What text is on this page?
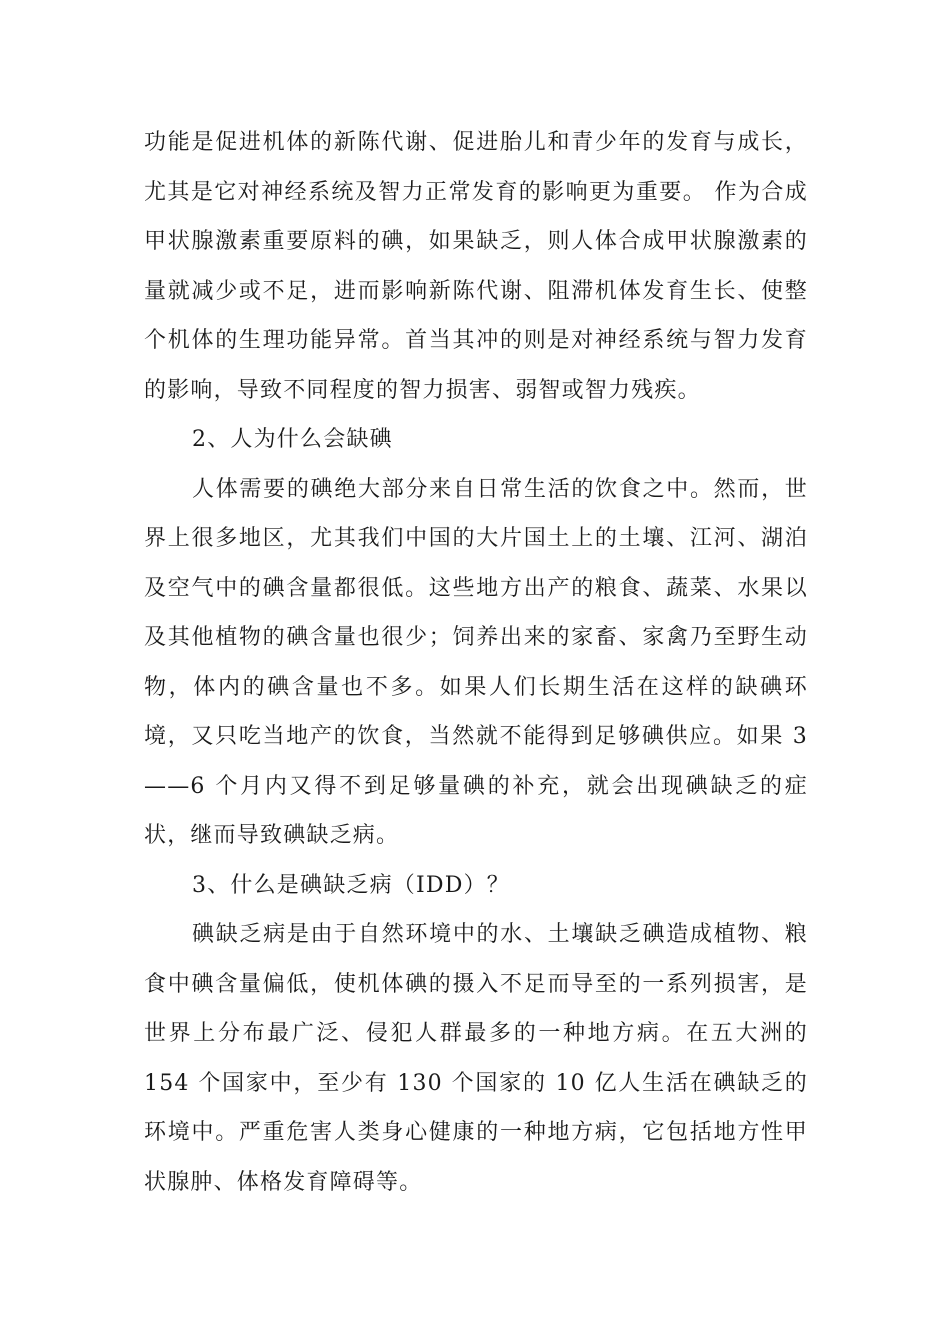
功能是促进机体的新陈代谢、促进胎儿和青少年的发育与成长，尤其是它对神经系统及智力正常发育的影响更为重要。 作为合成甲状腺激素重要原料的碘，如果缺乏，则人体合成甲状腺激素的量就减少或不足，进而影响新陈代谢、阻滞机体发育生长、使整个机体的生理功能异常。首当其冲的则是对神经系统与智力发育的影响，导致不同程度的智力损害、弱智或智力残疾。

2、人为什么会缺碘

人体需要的碘绝大部分来自日常生活的饮食之中。然而，世界上很多地区，尤其我们中国的大片国土上的土壤、江河、湖泊及空气中的碘含量都很低。这些地方出产的粮食、蔬菜、水果以及其他植物的碘含量也很少；饲养出来的家畜、家禽乃至野生动物，体内的碘含量也不多。如果人们长期生活在这样的缺碘环境，又只吃当地产的饮食，当然就不能得到足够碘供应。如果 3——6 个月内又得不到足够量碘的补充，就会出现碘缺乏的症状，继而导致碘缺乏病。

3、什么是碘缺乏病（IDD）？

碘缺乏病是由于自然环境中的水、土壤缺乏碘造成植物、粮食中碘含量偏低，使机体碘的摄入不足而导至的一系列损害，是世界上分布最广泛、侵犯人群最多的一种地方病。在五大洲的 154 个国家中，至少有 130 个国家的 10 亿人生活在碘缺乏的环境中。严重危害人类身心健康的一种地方病，它包括地方性甲状腺肿、体格发育障碍等。
